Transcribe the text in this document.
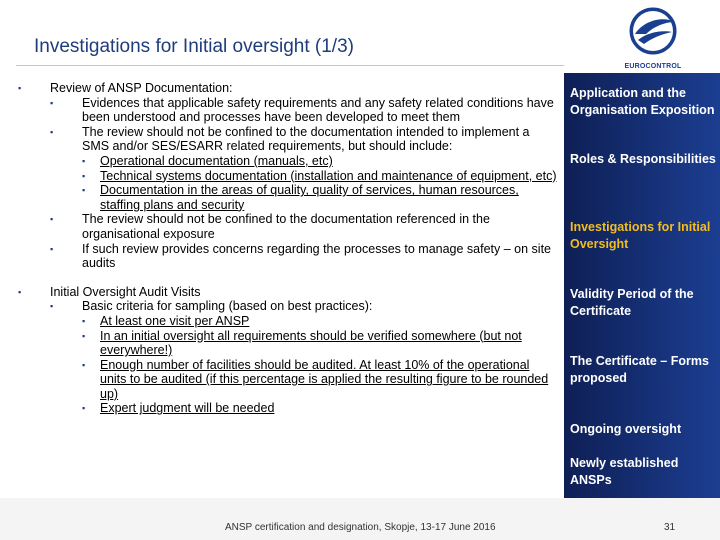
Investigations for Initial oversight (1/3)
EUROCONTROL
▪ Review of ANSP Documentation:
▪ Evidences that applicable safety requirements and any safety related conditions have been understood and processes have been developed to meet them
▪ The review should not be confined to the documentation intended to implement a SMS and/or SES/ESARR related requirements, but should include:
▪ Operational documentation (manuals, etc)
▪ Technical systems documentation (installation and maintenance of equipment, etc)
▪ Documentation in the areas of quality, quality of services, human resources, staffing plans and security
▪ The review should not be confined to the documentation referenced in the organisational exposure
▪ If such review provides concerns regarding the processes to manage safety – on site audits
▪ Initial Oversight Audit Visits
▪ Basic criteria for sampling (based on best practices):
▪ At least one visit per ANSP
▪ In an initial oversight all requirements should be verified somewhere (but not everywhere!)
▪ Enough number of facilities should be audited. At least 10% of the operational units to be audited (if this percentage is applied the resulting figure to be rounded up)
▪ Expert judgment will be needed
Application and the Organisation Exposition
Roles & Responsibilities
Investigations for Initial Oversight
Validity Period of the Certificate
The Certificate – Forms proposed
Ongoing oversight
Newly established ANSPs
ANSP certification and designation, Skopje, 13-17 June 2016	31
